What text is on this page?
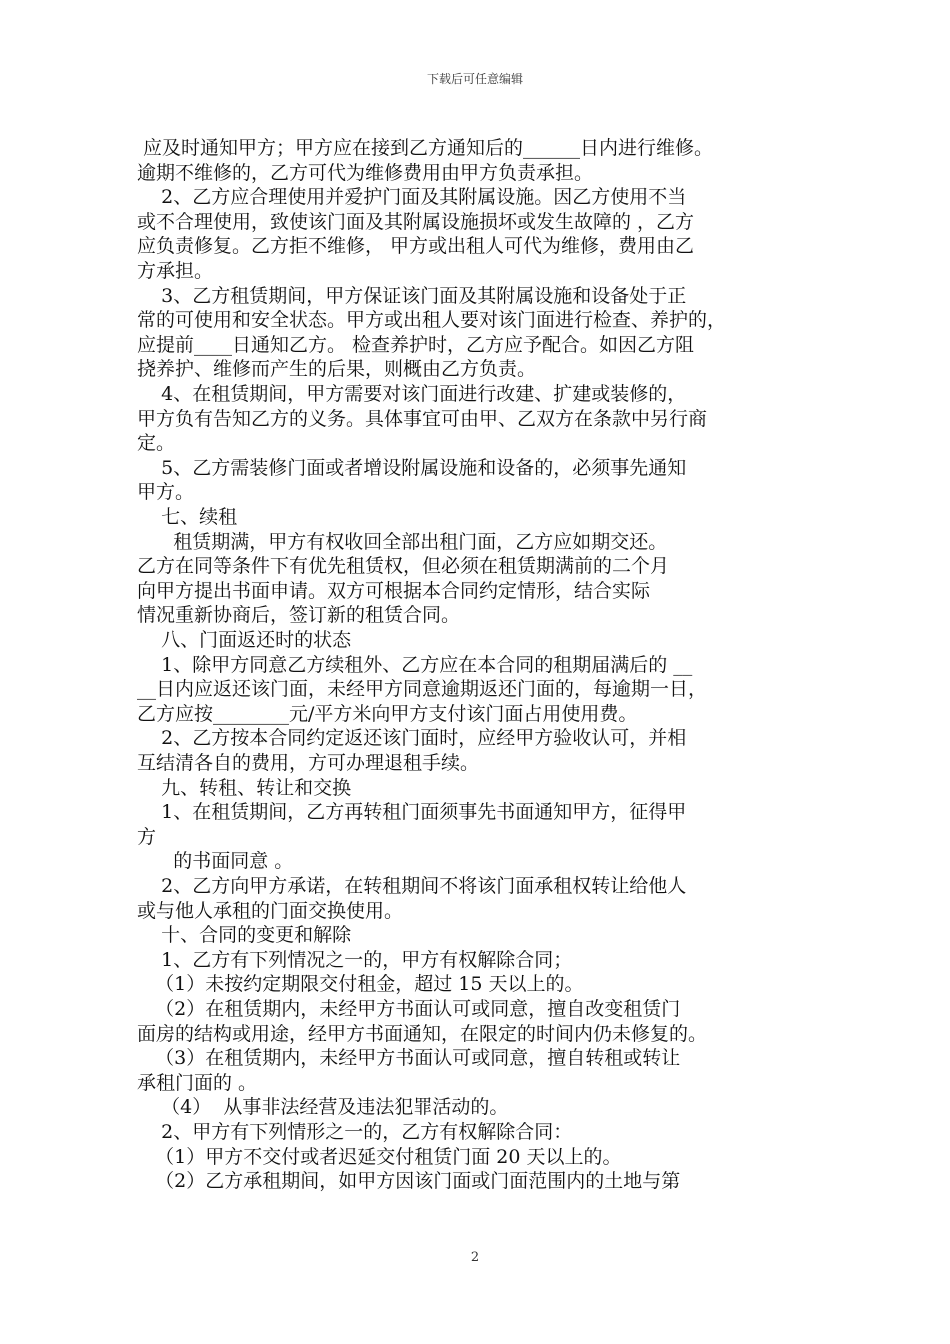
下载后可任意编辑
应及时通知甲方；甲方应在接到乙方通知后的______日内进行维修。
逾期不维修的，乙方可代为维修费用由甲方负责承担。
2、乙方应合理使用并爱护门面及其附属设施。因乙方使用不当
或不合理使用，致使该门面及其附属设施损坏或发生故障的 ，乙方
应负责修复。乙方拒不维修， 甲方或出租人可代为维修，费用由乙
方承担。
3、乙方租赁期间，甲方保证该门面及其附属设施和设备处于正
常的可使用和安全状态。甲方或出租人要对该门面进行检查、养护的，
应提前____日通知乙方。 检查养护时，乙方应予配合。如因乙方阻
挠养护、维修而产生的后果，则概由乙方负责。
4、在租赁期间，甲方需要对该门面进行改建、扩建或装修的，
甲方负有告知乙方的义务。具体事宜可由甲、乙双方在条款中另行商
定。
5、乙方需装修门面或者增设附属设施和设备的，必须事先通知
甲方。
七、续租
租赁期满，甲方有权收回全部出租门面，乙方应如期交还。
乙方在同等条件下有优先租赁权，但必须在租赁期满前的二个月
向甲方提出书面申请。双方可根据本合同约定情形，结合实际
情况重新协商后，签订新的租赁合同。
八、门面返还时的状态
1、除甲方同意乙方续租外、乙方应在本合同的租期届满后的 __
__日内应返还该门面，未经甲方同意逾期返还门面的，每逾期一日，
乙方应按________元/平方米向甲方支付该门面占用使用费。
2、乙方按本合同约定返还该门面时，应经甲方验收认可，并相
互结清各自的费用，方可办理退租手续。
九、转租、转让和交换
1、在租赁期间，乙方再转租门面须事先书面通知甲方，征得甲
方
的书面同意 。
2、乙方向甲方承诺，在转租期间不将该门面承租权转让给他人
或与他人承租的门面交换使用。
十、合同的变更和解除
1、乙方有下列情况之一的，甲方有权解除合同；
（1）未按约定期限交付租金，超过 15 天以上的。
（2）在租赁期内，未经甲方书面认可或同意，擅自改变租赁门
面房的结构或用途，经甲方书面通知，在限定的时间内仍未修复的。
（3）在租赁期内，未经甲方书面认可或同意，擅自转租或转让
承租门面的 。
（4）  从事非法经营及违法犯罪活动的。
2、甲方有下列情形之一的，乙方有权解除合同：
（1）甲方不交付或者迟延交付租赁门面 20 天以上的。
（2）乙方承租期间，如甲方因该门面或门面范围内的土地与第
2
